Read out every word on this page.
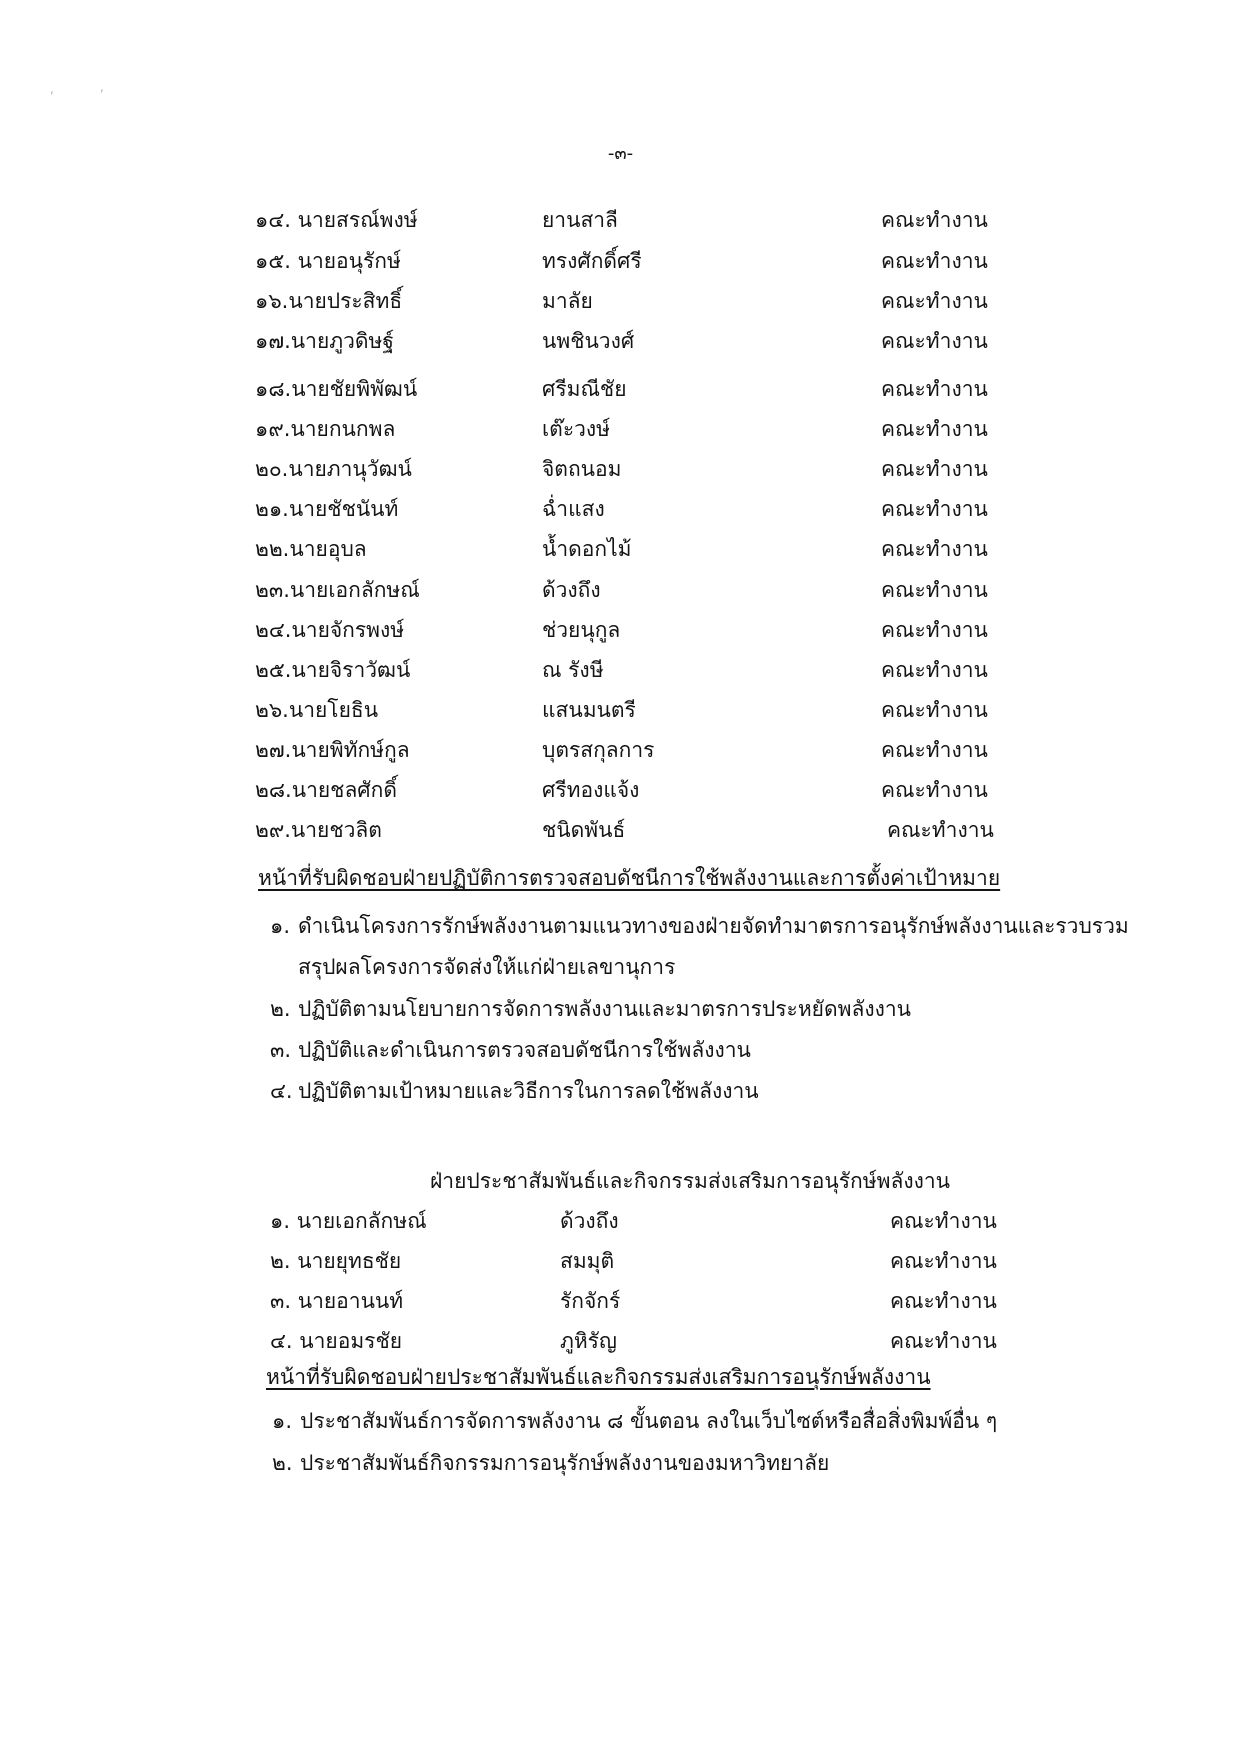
-๓-
,	,
๑๔. นายสรณ์พงษ์	ยานสาลี	คณะทำงาน
๑๕. นายอนุรักษ์	ทรงศักดิ์ศรี	คณะทำงาน
๑๖.นายประสิทธิ์	มาลัย	คณะทำงาน
๑๗.นายภูวดิษฐ์	นพชินวงศ์	คณะทำงาน
๑๘.นายชัยพิพัฒน์	ศรีมณีชัย	คณะทำงาน
๑๙.นายกนกพล	เต๊ะวงษ์	คณะทำงาน
๒๐.นายภานุวัฒน์	จิตถนอม	คณะทำงาน
๒๑.นายชัชนันท์	ฉ่ำแสง	คณะทำงาน
๒๒.นายอุบล	น้ำดอกไม้	คณะทำงาน
๒๓.นายเอกลักษณ์	ด้วงถึง	คณะทำงาน
๒๔.นายจักรพงษ์	ช่วยนุกูล	คณะทำงาน
๒๕.นายจิราวัฒน์	ณ รังษี	คณะทำงาน
๒๖.นายโยธิน	แสนมนตรี	คณะทำงาน
๒๗.นายพิทักษ์กูล	บุตรสกุลการ	คณะทำงาน
๒๘.นายชลศักดิ์	ศรีทองแจ้ง	คณะทำงาน
๒๙.นายชวลิต	ชนิดพันธ์	คณะทำงาน
หน้าที่รับผิดชอบฝ่ายปฏิบัติการตรวจสอบดัชนีการใช้พลังงานและการตั้งค่าเป้าหมาย
๑. ดำเนินโครงการรักษ์พลังงานตามแนวทางของฝ่ายจัดทำมาตรการอนุรักษ์พลังงานและรวบรวม
สรุปผลโครงการจัดส่งให้แก่ฝ่ายเลขานุการ
๒. ปฏิบัติตามนโยบายการจัดการพลังงานและมาตรการประหยัดพลังงาน
๓. ปฏิบัติและดำเนินการตรวจสอบดัชนีการใช้พลังงาน
๔. ปฏิบัติตามเป้าหมายและวิธีการในการลดใช้พลังงาน
ฝ่ายประชาสัมพันธ์และกิจกรรมส่งเสริมการอนุรักษ์พลังงาน
๑. นายเอกลักษณ์	ด้วงถึง	คณะทำงาน
๒. นายยุทธชัย	สมมุติ	คณะทำงาน
๓. นายอานนท์	รักจักร์	คณะทำงาน
๔. นายอมรชัย	ภูหิรัญ	คณะทำงาน
หน้าที่รับผิดชอบฝ่ายประชาสัมพันธ์และกิจกรรมส่งเสริมการอนุรักษ์พลังงาน
๑. ประชาสัมพันธ์การจัดการพลังงาน ๘ ขั้นตอน ลงในเว็บไซต์หรือสื่อสิ่งพิมพ์อื่น ๆ
๒. ประชาสัมพันธ์กิจกรรมการอนุรักษ์พลังงานของมหาวิทยาลัย
